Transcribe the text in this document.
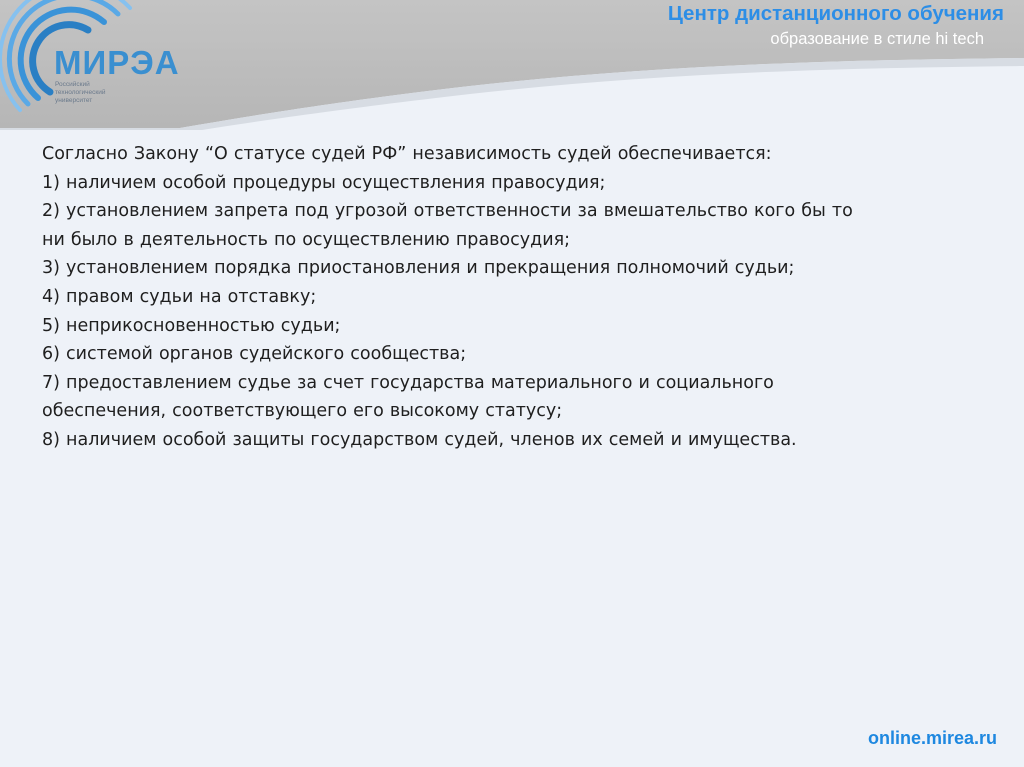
МИРЭА
Российский
технологический
университет
Центр дистанционного обучения
образование в стиле hi tech
Согласно Закону “О статусе судей РФ” независимость судей обеспечивается:
1) наличием особой процедуры осуществления правосудия;
2) установлением запрета под угрозой ответственности за вмешательство кого бы то
ни было в деятельность по осуществлению правосудия;
3) установлением порядка приостановления и прекращения полномочий судьи;
4) правом судьи на отставку;
5) неприкосновенностью судьи;
6) системой органов судейского сообщества;
7) предоставлением судье за счет государства материального и социального
обеспечения, соответствующего его высокому статусу;
8) наличием особой защиты государством судей, членов их семей и имущества.
online.mirea.ru
